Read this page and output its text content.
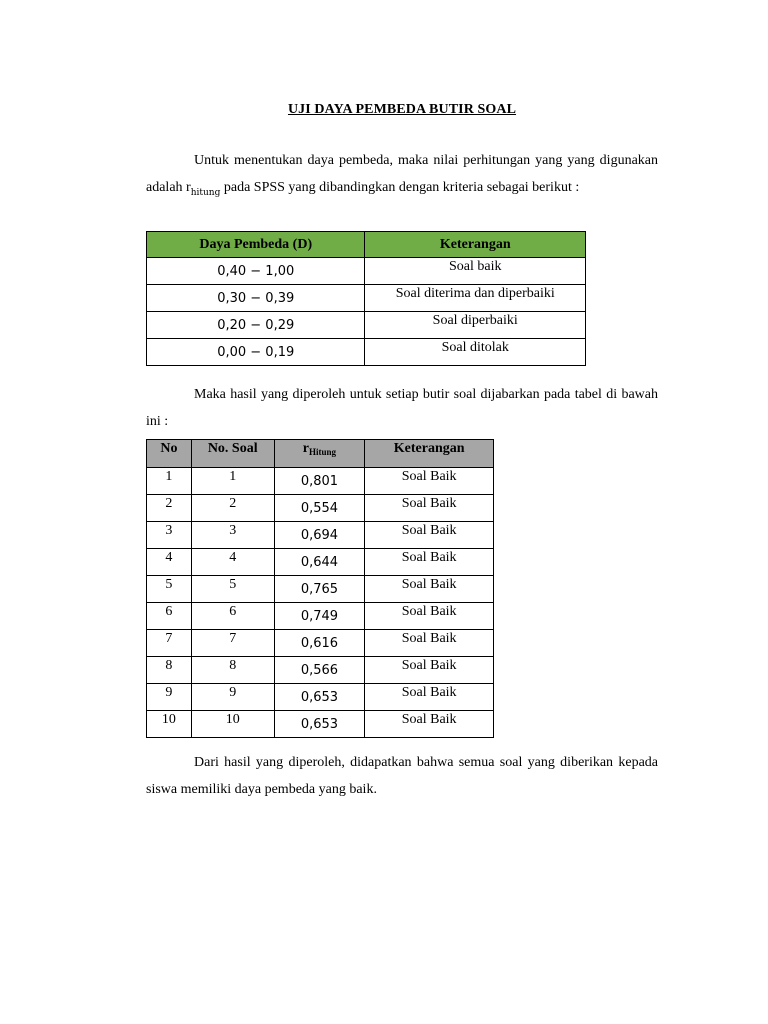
UJI DAYA PEMBEDA BUTIR SOAL

Untuk menentukan daya pembeda, maka nilai perhitungan yang yang digunakan adalah $r_{hitung}$ pada SPSS yang dibandingkan dengan kriteria sebagai berikut :

Daya Pembeda (D)	Keterangan
0,40 − 1,00	Soal baik
0,30 − 0,39	Soal diterima dan diperbaiki
0,20 − 0,29	Soal diperbaiki
0,00 − 0,19	Soal ditolak

Maka hasil yang diperoleh untuk setiap butir soal dijabarkan pada tabel di bawah ini :

No	No. Soal	$r_{Hitung}$	Keterangan
1	1	0,801	Soal Baik
2	2	0,554	Soal Baik
3	3	0,694	Soal Baik
4	4	0,644	Soal Baik
5	5	0,765	Soal Baik
6	6	0,749	Soal Baik
7	7	0,616	Soal Baik
8	8	0,566	Soal Baik
9	9	0,653	Soal Baik
10	10	0,653	Soal Baik

Dari hasil yang diperoleh, didapatkan bahwa semua soal yang diberikan kepada siswa memiliki daya pembeda yang baik.
